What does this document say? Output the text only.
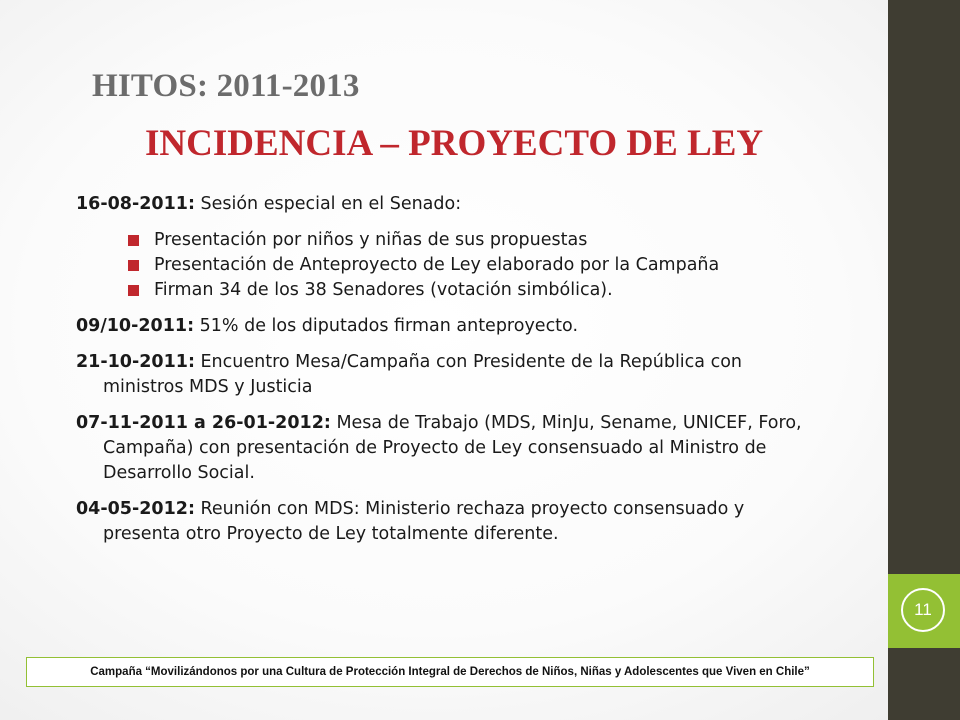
11
HITOS: 2011-2013
INCIDENCIA – PROYECTO DE LEY
16-08-2011: Sesión especial en el Senado:
Presentación por niños y niñas de sus propuestas
Presentación de Anteproyecto de Ley elaborado por la Campaña
Firman 34 de los 38 Senadores (votación simbólica).
09/10-2011: 51% de los diputados firman anteproyecto.
21-10-2011: Encuentro Mesa/Campaña con Presidente de la República con ministros MDS y Justicia
07-11-2011 a 26-01-2012: Mesa de Trabajo (MDS, MinJu, Sename, UNICEF, Foro, Campaña) con presentación de Proyecto de Ley consensuado al Ministro de Desarrollo Social.
04-05-2012: Reunión con MDS: Ministerio rechaza proyecto consensuado y presenta otro Proyecto de Ley totalmente diferente.
Campaña “Movilizándonos por una Cultura de Protección Integral de Derechos de Niños, Niñas y Adolescentes que Viven en Chile”
